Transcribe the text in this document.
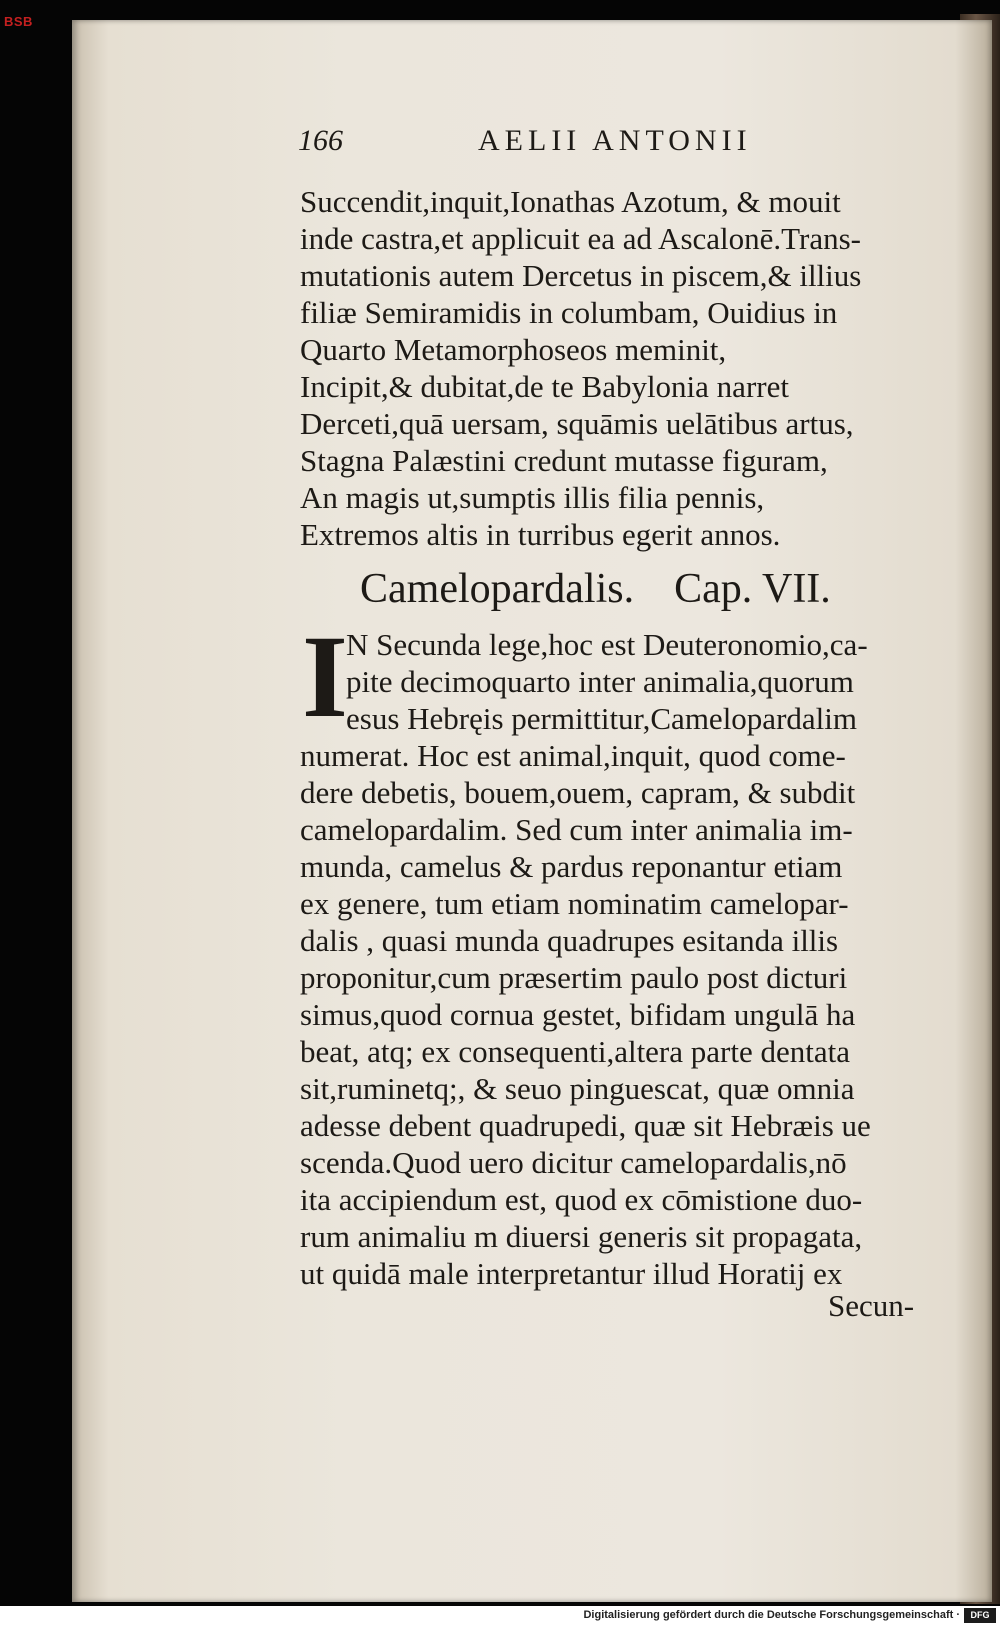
BSB
166	AELII ANTONII
Succendit,inquit,Ionathas Azotum, & mouit
inde castra,et applicuit ea ad Ascalonē.Trans-
mutationis autem Dercetus in piscem,& illius
filiæ Semiramidis in columbam, Ouidius in
Quarto Metamorphoseos meminit,
Incipit,& dubitat,de te Babylonia narret
Derceti,quā uersam, squāmis uelātibus artus,
Stagna Palæstini credunt mutasse figuram,
An magis ut,sumptis illis filia pennis,
Extremos altis in turribus egerit annos.
Camelopardalis. Cap. VII.
I
N Secunda lege,hoc est Deuteronomio,ca-
pite decimoquarto inter animalia,quorum
esus Hebręis permittitur,Camelopardalim
numerat. Hoc est animal,inquit, quod come-
dere debetis, bouem,ouem, capram, & subdit
camelopardalim. Sed cum inter animalia im-
munda, camelus & pardus reponantur etiam
ex genere, tum etiam nominatim camelopar-
dalis , quasi munda quadrupes esitanda illis
proponitur,cum præsertim paulo post dicturi
simus,quod cornua gestet, bifidam ungulā ha
beat, atq; ex consequenti,altera parte dentata
sit,ruminetq;, & seuo pinguescat, quæ omnia
adesse debent quadrupedi, quæ sit Hebræis ue
scenda.Quod uero dicitur camelopardalis,nō
ita accipiendum est, quod ex cōmistione duo-
rum animaliu m diuersi generis sit propagata,
ut quidā male interpretantur illud Horatij ex
Secun-
Digitalisierung gefördert durch die Deutsche Forschungsgemeinschaft ·	DFG
